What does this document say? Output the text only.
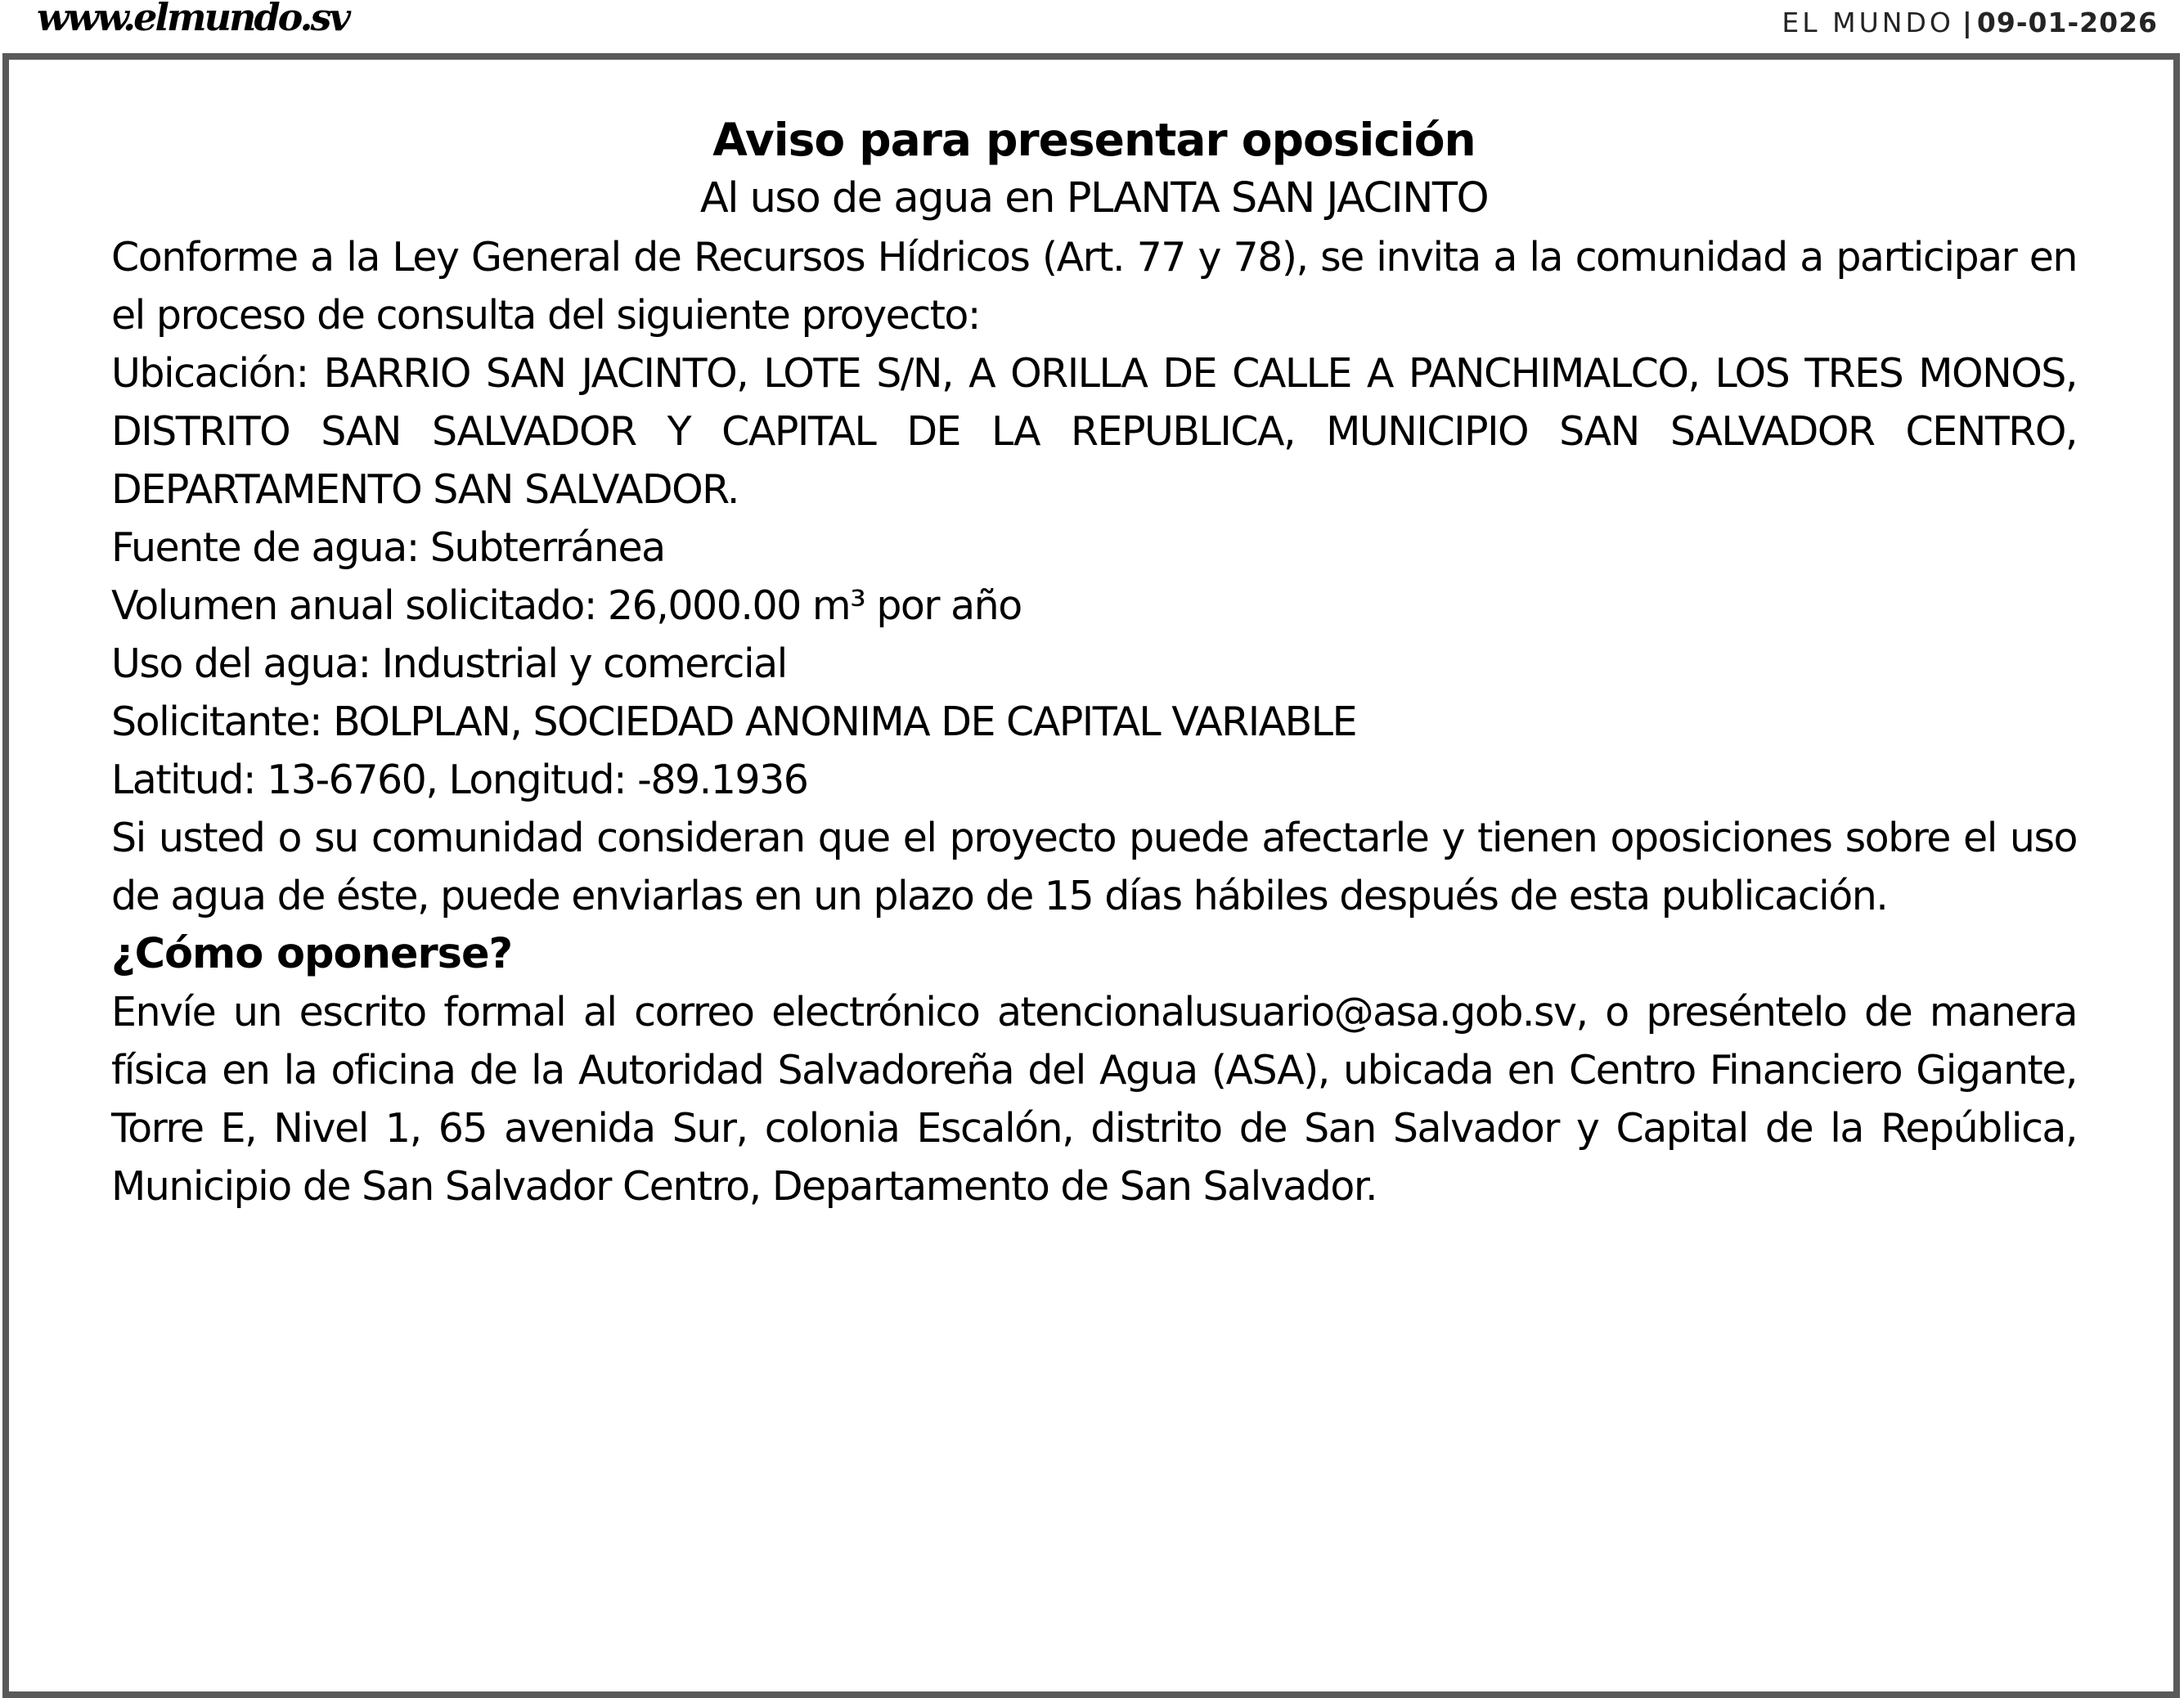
www.elmundo.sv	EL MUNDO | 09-01-2026
Aviso para presentar oposición
Al uso de agua en PLANTA SAN JACINTO

Conforme a la Ley General de Recursos Hídricos (Art. 77 y 78), se invita a la comunidad a participar en el proceso de consulta del siguiente proyecto:

Ubicación: BARRIO SAN JACINTO, LOTE S/N, A ORILLA DE CALLE A PANCHIMALCO, LOS TRES MONOS, DISTRITO SAN SALVADOR Y CAPITAL DE LA REPUBLICA, MUNICIPIO SAN SALVADOR CENTRO, DEPARTAMENTO SAN SALVADOR.

Fuente de agua: Subterránea
Volumen anual solicitado: 26,000.00 m³ por año
Uso del agua: Industrial y comercial
Solicitante: BOLPLAN, SOCIEDAD ANONIMA DE CAPITAL VARIABLE
Latitud: 13-6760, Longitud: -89.1936

Si usted o su comunidad consideran que el proyecto puede afectarle y tienen oposiciones sobre el uso de agua de éste, puede enviarlas en un plazo de 15 días hábiles después de esta publicación.

¿Cómo oponerse?

Envíe un escrito formal al correo electrónico atencionalusuario@asa.gob.sv, o preséntelo de manera física en la oficina de la Autoridad Salvadoreña del Agua (ASA), ubicada en Centro Financiero Gigante, Torre E, Nivel 1, 65 avenida Sur, colonia Escalón, distrito de San Salvador y Capital de la República, Municipio de San Salvador Centro, Departamento de San Salvador.
